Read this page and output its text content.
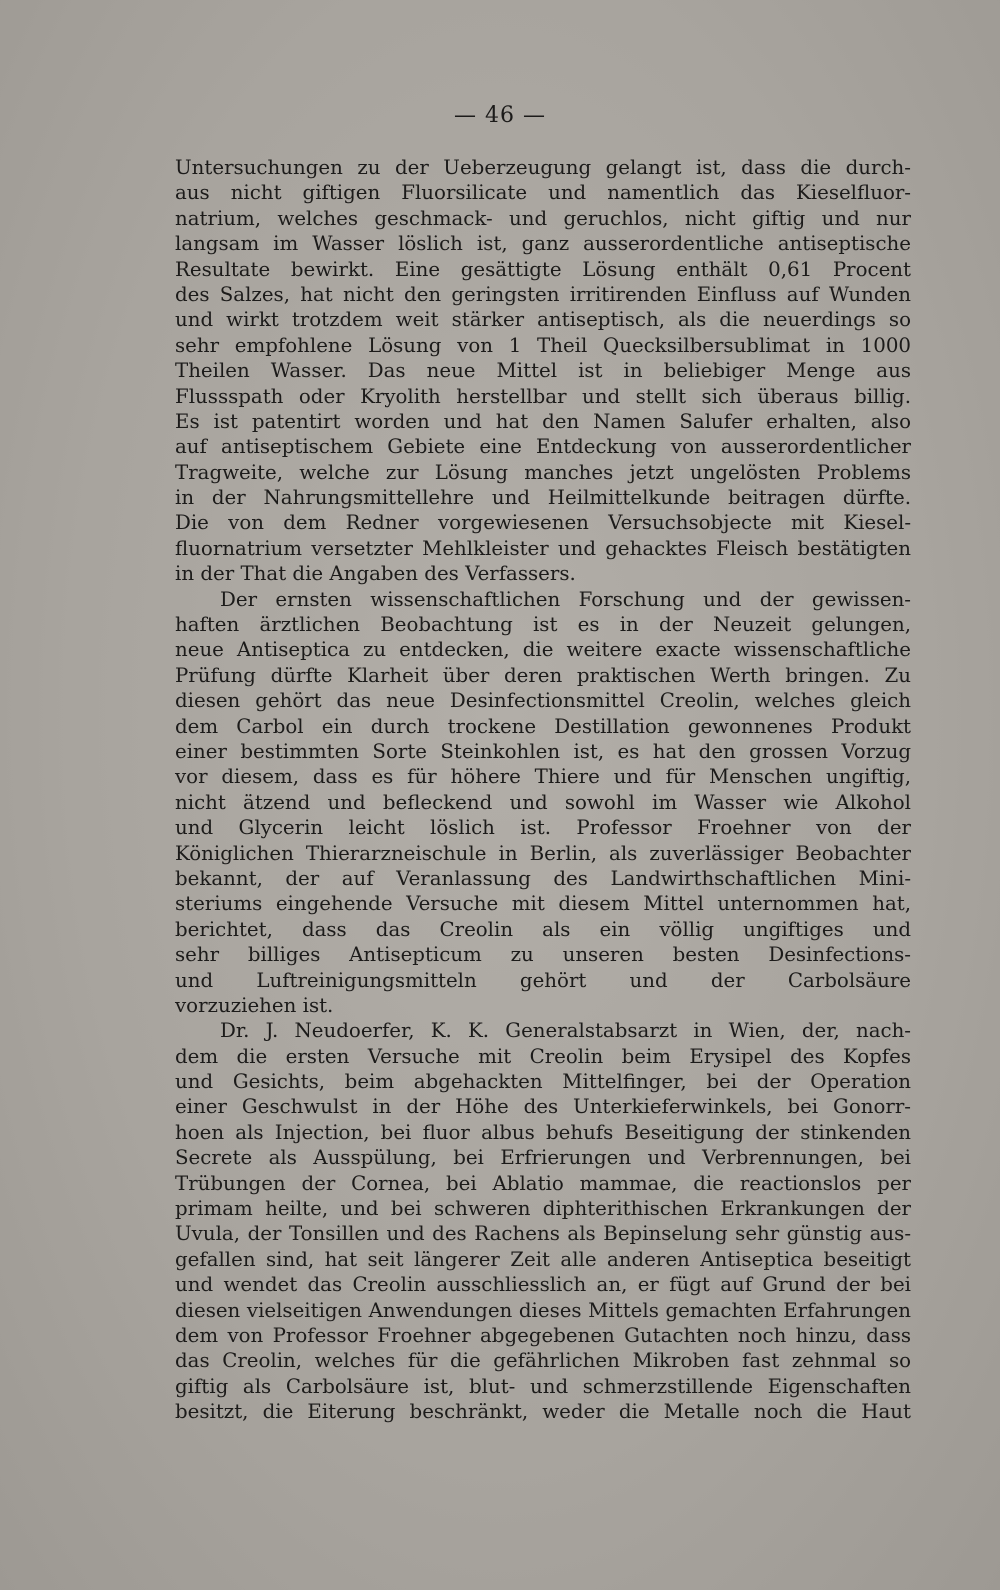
— 46 —
Untersuchungen zu der Ueberzeugung gelangt ist, dass die durch-
aus nicht giftigen Fluorsilicate und namentlich das Kieselfluor-
natrium, welches geschmack- und geruchlos, nicht giftig und nur
langsam im Wasser löslich ist, ganz ausserordentliche antiseptische
Resultate bewirkt. Eine gesättigte Lösung enthält 0,61 Procent
des Salzes, hat nicht den geringsten irritirenden Einfluss auf Wunden
und wirkt trotzdem weit stärker antiseptisch, als die neuerdings so
sehr empfohlene Lösung von 1 Theil Quecksilbersublimat in 1000
Theilen Wasser. Das neue Mittel ist in beliebiger Menge aus
Flussspath oder Kryolith herstellbar und stellt sich überaus billig.
Es ist patentirt worden und hat den Namen Salufer erhalten, also
auf antiseptischem Gebiete eine Entdeckung von ausserordentlicher
Tragweite, welche zur Lösung manches jetzt ungelösten Problems
in der Nahrungsmittellehre und Heilmittelkunde beitragen dürfte.
Die von dem Redner vorgewiesenen Versuchsobjecte mit Kiesel-
fluornatrium versetzter Mehlkleister und gehacktes Fleisch bestätigten
in der That die Angaben des Verfassers.
Der ernsten wissenschaftlichen Forschung und der gewissen-
haften ärztlichen Beobachtung ist es in der Neuzeit gelungen,
neue Antiseptica zu entdecken, die weitere exacte wissenschaftliche
Prüfung dürfte Klarheit über deren praktischen Werth bringen. Zu
diesen gehört das neue Desinfectionsmittel Creolin, welches gleich
dem Carbol ein durch trockene Destillation gewonnenes Produkt
einer bestimmten Sorte Steinkohlen ist, es hat den grossen Vorzug
vor diesem, dass es für höhere Thiere und für Menschen ungiftig,
nicht ätzend und befleckend und sowohl im Wasser wie Alkohol
und Glycerin leicht löslich ist. Professor Froehner von der
Königlichen Thierarzneischule in Berlin, als zuverlässiger Beobachter
bekannt, der auf Veranlassung des Landwirthschaftlichen Mini-
steriums eingehende Versuche mit diesem Mittel unternommen hat,
berichtet, dass das Creolin als ein völlig ungiftiges und
sehr billiges Antisepticum zu unseren besten Desinfections-
und Luftreinigungsmitteln gehört und der Carbolsäure
vorzuziehen ist.
Dr. J. Neudoerfer, K. K. Generalstabsarzt in Wien, der, nach-
dem die ersten Versuche mit Creolin beim Erysipel des Kopfes
und Gesichts, beim abgehackten Mittelfinger, bei der Operation
einer Geschwulst in der Höhe des Unterkieferwinkels, bei Gonorr-
hoen als Injection, bei fluor albus behufs Beseitigung der stinkenden
Secrete als Ausspülung, bei Erfrierungen und Verbrennungen, bei
Trübungen der Cornea, bei Ablatio mammae, die reactionslos per
primam heilte, und bei schweren diphterithischen Erkrankungen der
Uvula, der Tonsillen und des Rachens als Bepinselung sehr günstig aus-
gefallen sind, hat seit längerer Zeit alle anderen Antiseptica beseitigt
und wendet das Creolin ausschliesslich an, er fügt auf Grund der bei
diesen vielseitigen Anwendungen dieses Mittels gemachten Erfahrungen
dem von Professor Froehner abgegebenen Gutachten noch hinzu, dass
das Creolin, welches für die gefährlichen Mikroben fast zehnmal so
giftig als Carbolsäure ist, blut- und schmerzstillende Eigenschaften
besitzt, die Eiterung beschränkt, weder die Metalle noch die Haut
